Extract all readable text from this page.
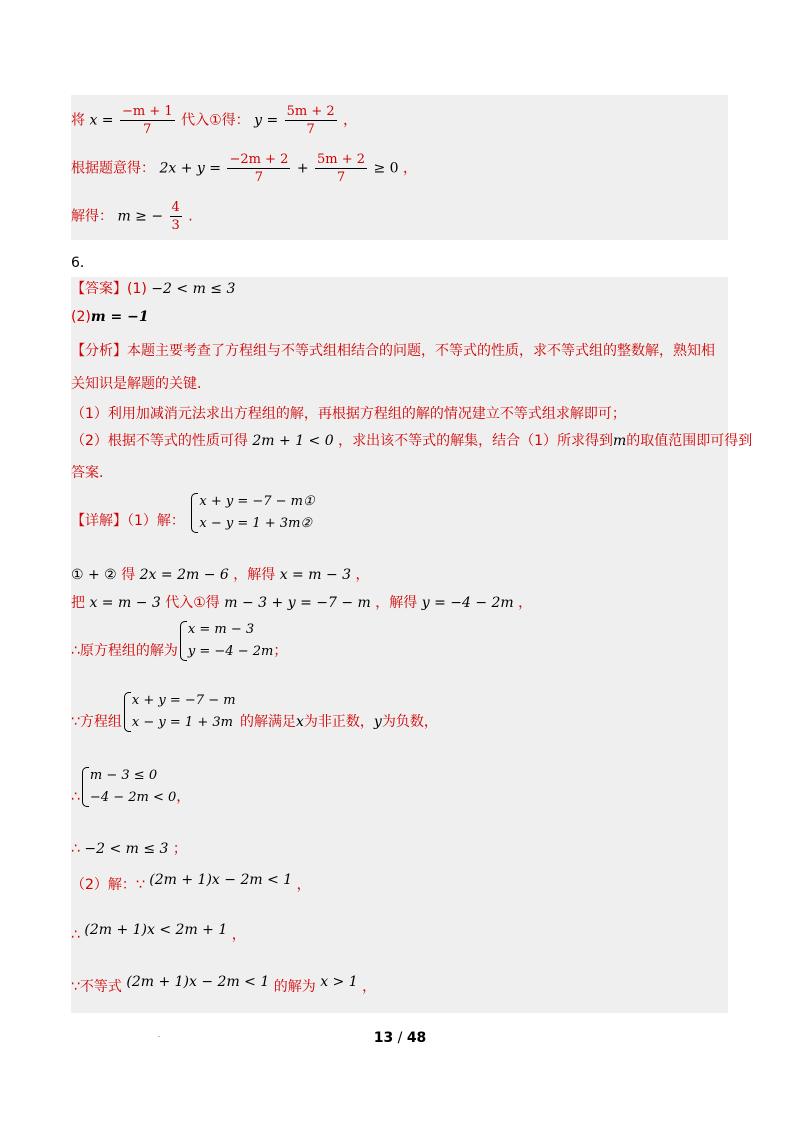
将 $x = \frac{-m + 1}{7}$ 代入①得： $y = \frac{5m + 2}{7}$ ，
根据题意得： $2x + y = \frac{-2m + 2}{7} + \frac{5m + 2}{7} \ge 0$ ，
解得： m ≥ − $\frac{4}{3}$ .
6．
【答案】(1) −2 < m ≤ 3
(2)m = −1
【分析】本题主要考查了方程组与不等式组相结合的问题，不等式的性质，求不等式组的整数解，熟知相
关知识是解题的关键.
（1）利用加减消元法求出方程组的解，再根据方程组的解的情况建立不等式组求解即可；
（2）根据不等式的性质可得 2m + 1 < 0 ，求出该不等式的解集，结合（1）所求得到m的取值范围即可得到
答案.
【详解】（1）解：
x + y = −7 − m①
x − y = 1 + 3m②
① + ② 得 2x = 2m − 6 ，解得 x = m − 3 ，
把 x = m − 3 代入①得 m − 3 + y = −7 − m ，解得 y = −4 − 2m ，
∴原方程组的解为
x = m − 3
y = −4 − 2m ；
∵方程组
x + y = −7 − m
x − y = 1 + 3m 的解满足x为非正数，y为负数，
∴
m − 3 ≤ 0
−4 − 2m < 0 ，
∴ −2 < m ≤ 3 ；
（2）解：∵ (2m + 1)x − 2m < 1 ，
∴ (2m + 1)x < 2m + 1 ，
∵不等式 (2m + 1)x − 2m < 1 的解为 x > 1 ，
13 / 48
